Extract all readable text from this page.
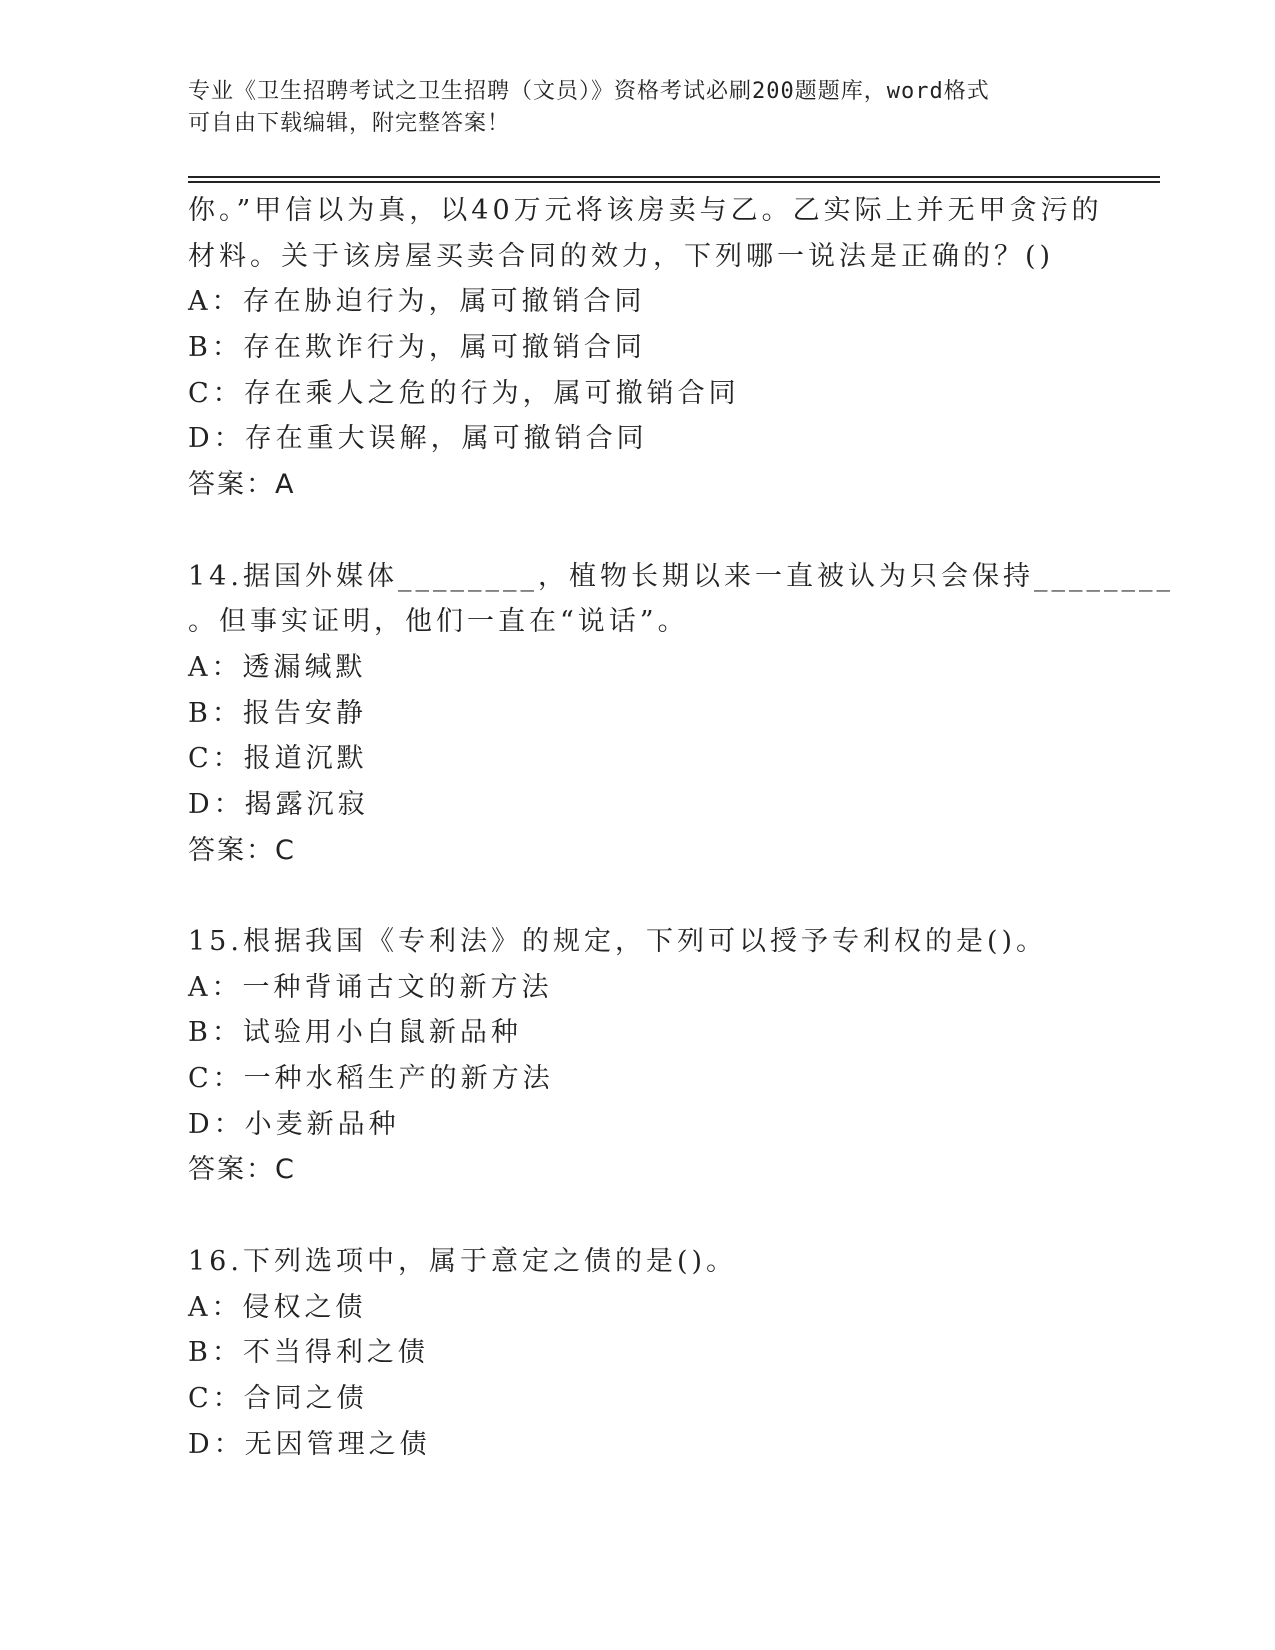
专业《卫生招聘考试之卫生招聘（文员）》资格考试必刷200题题库，word格式
可自由下载编辑，附完整答案！
你。”甲信以为真，以40万元将该房卖与乙。乙实际上并无甲贪污的
材料。关于该房屋买卖合同的效力，下列哪一说法是正确的？()
A：存在胁迫行为，属可撤销合同
B：存在欺诈行为，属可撤销合同
C：存在乘人之危的行为，属可撤销合同
D：存在重大误解，属可撤销合同
答案：A
14.据国外媒体________，植物长期以来一直被认为只会保持________
。但事实证明，他们一直在“说话”。
A：透漏缄默
B：报告安静
C：报道沉默
D：揭露沉寂
答案：C
15.根据我国《专利法》的规定，下列可以授予专利权的是()。
A：一种背诵古文的新方法
B：试验用小白鼠新品种
C：一种水稻生产的新方法
D：小麦新品种
答案：C
16.下列选项中，属于意定之债的是()。
A：侵权之债
B：不当得利之债
C：合同之债
D：无因管理之债
